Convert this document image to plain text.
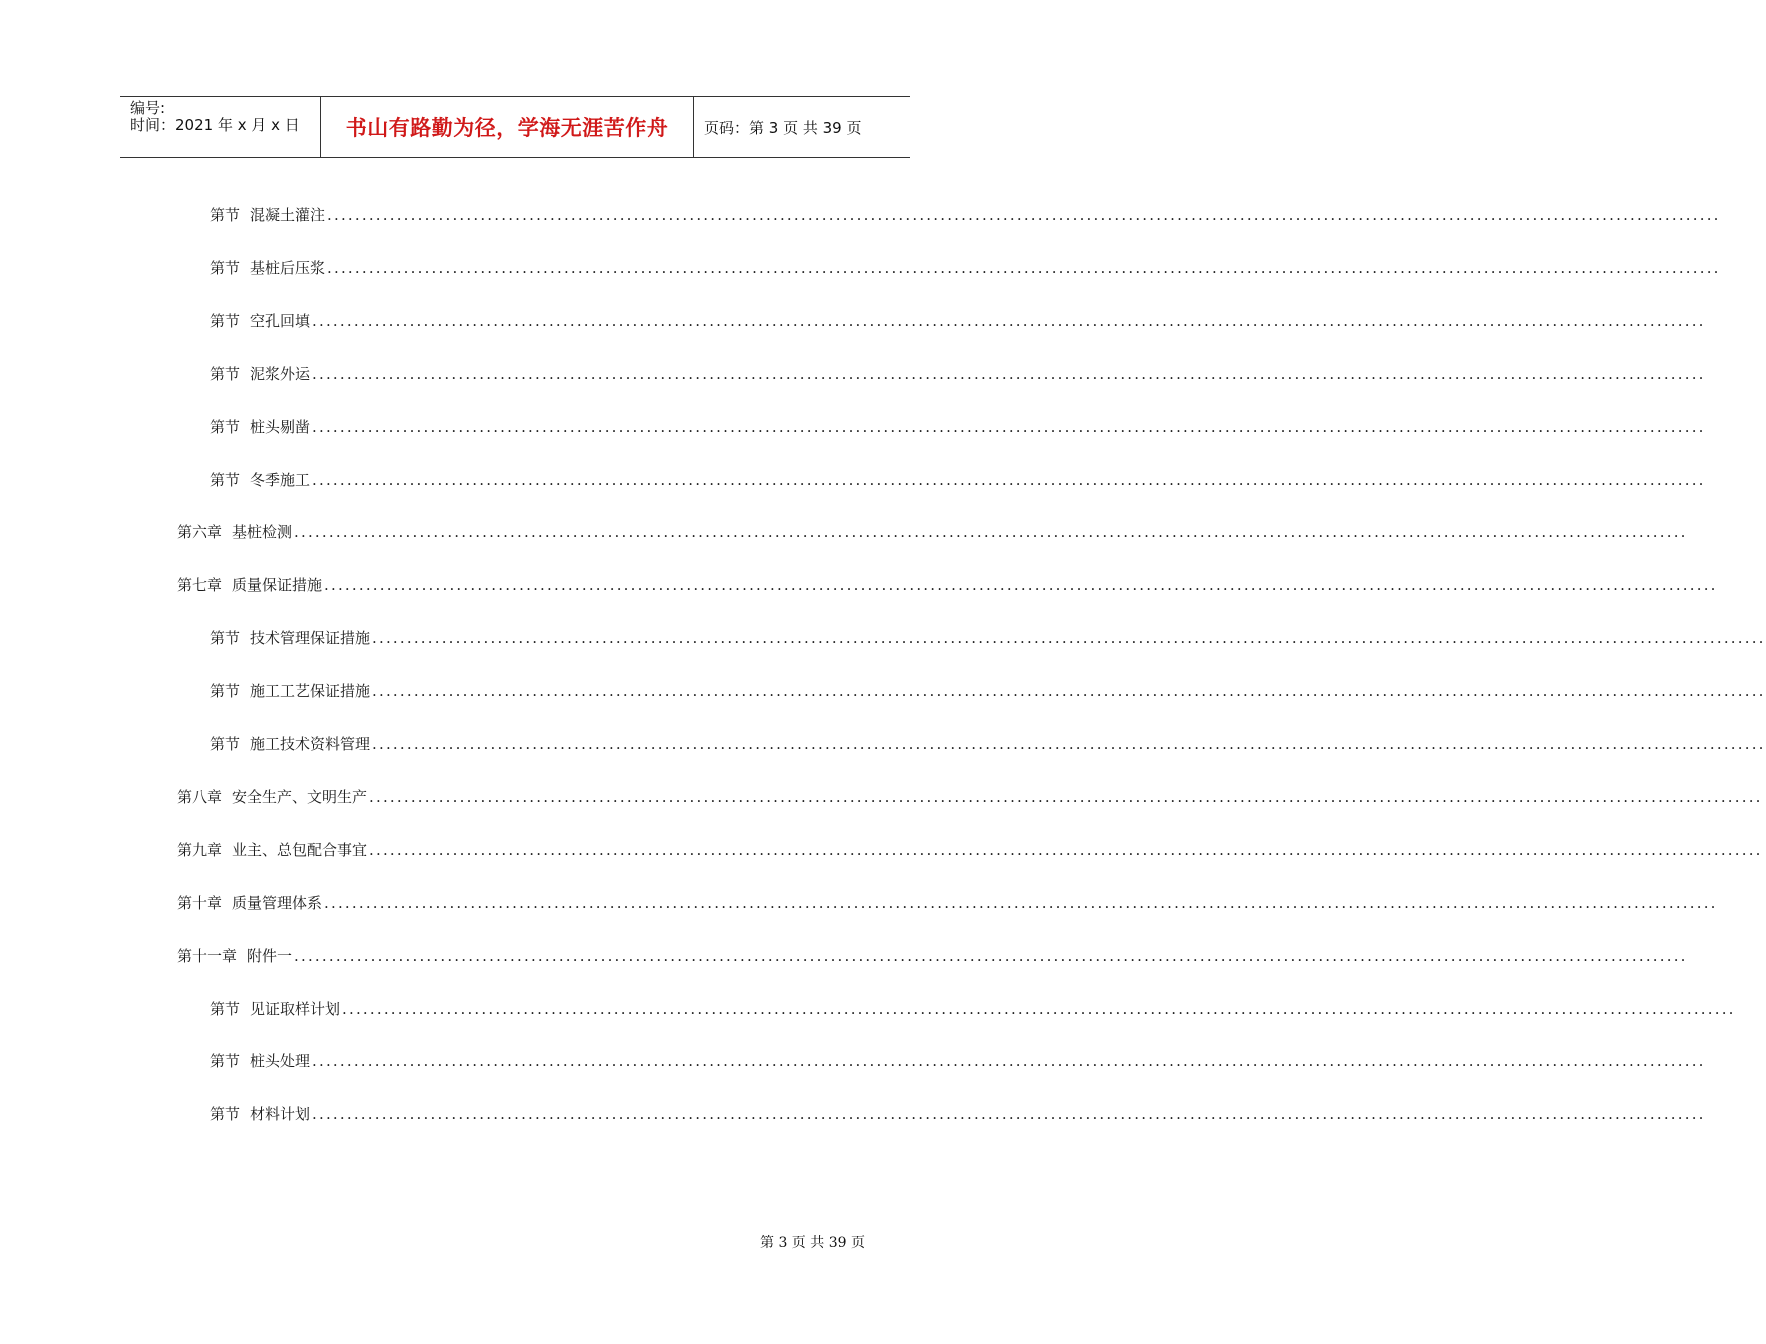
编号:
时间：2021 年 x 月 x 日 书山有路勤为径，学海无涯苦作舟 页码：第 3 页 共 39 页
第节 混凝土灌注 ........................................................................................................................................................................................................
第节 基桩后压浆 ........................................................................................................................................................................................................
第节 空孔回填 ........................................................................................................................................................................................................
第节 泥浆外运 ........................................................................................................................................................................................................
第节 桩头剔凿 ........................................................................................................................................................................................................
第节 冬季施工 ........................................................................................................................................................................................................
第六章 基桩检测 ........................................................................................................................................................................................................
第七章 质量保证措施 ........................................................................................................................................................................................................
第节 技术管理保证措施 ........................................................................................................................................................................................................
第节 施工工艺保证措施 ........................................................................................................................................................................................................
第节 施工技术资料管理 ........................................................................................................................................................................................................
第八章 安全生产、文明生产 ........................................................................................................................................................................................................
第九章 业主、总包配合事宜 ........................................................................................................................................................................................................
第十章 质量管理体系 ........................................................................................................................................................................................................
第十一章 附件一 ........................................................................................................................................................................................................
第节 见证取样计划 ........................................................................................................................................................................................................
第节 桩头处理 ........................................................................................................................................................................................................
第节 材料计划 ........................................................................................................................................................................................................
第 3 页 共 39 页
